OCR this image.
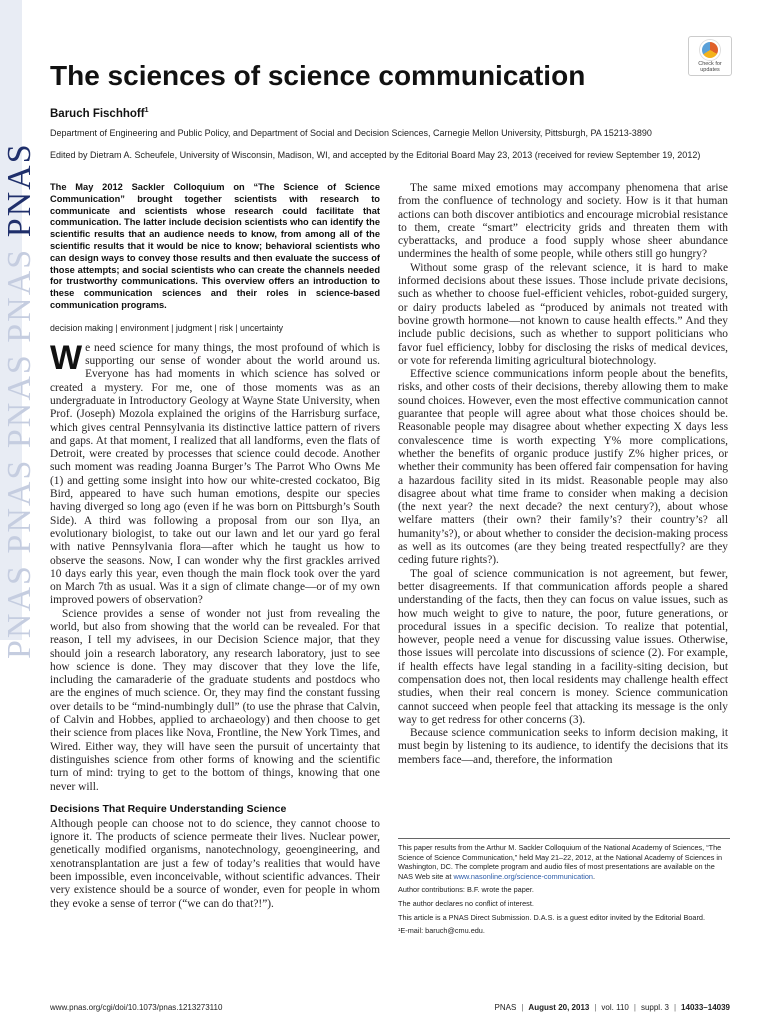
PNAS PNAS PNAS PNAS PNAS
Check for
updates
The sciences of science communication
Baruch Fischhoff$^1$
Department of Engineering and Public Policy, and Department of Social and Decision Sciences, Carnegie Mellon University, Pittsburgh, PA 15213-3890
Edited by Dietram A. Scheufele, University of Wisconsin, Madison, WI, and accepted by the Editorial Board May 23, 2013 (received for review September 19, 2012)

The May 2012 Sackler Colloquium on “The Science of Science Communication” brought together scientists with research to communicate and scientists whose research could facilitate that communication. The latter include decision scientists who can identify the scientific results that an audience needs to know, from among all of the scientific results that it would be nice to know; behavioral scientists who can design ways to convey those results and then evaluate the success of those attempts; and social scientists who can create the channels needed for trustworthy communications. This overview offers an introduction to these communication sciences and their roles in science-based communication programs.

decision making | environment | judgment | risk | uncertainty

We need science for many things, the most profound of which is supporting our sense of wonder about the world around us. Everyone has had moments in which science has solved or created a mystery. For me, one of those moments was as an undergraduate in Introductory Geology at Wayne State University, when Prof. (Joseph) Mozola explained the origins of the Harrisburg surface, which gives central Pennsylvania its distinctive lattice pattern of rivers and gaps. At that moment, I realized that all landforms, even the flats of Detroit, were created by processes that science could decode. Another such moment was reading Joanna Burger’s The Parrot Who Owns Me (1) and getting some insight into how our white-crested cockatoo, Big Bird, appeared to have such human emotions, despite our species having diverged so long ago (even if he was born on Pittsburgh’s South Side). A third was following a proposal from our son Ilya, an evolutionary biologist, to take out our lawn and let our yard go feral with native Pennsylvania flora—after which he taught us how to observe the seasons. Now, I can wonder why the first grackles arrived 10 days early this year, even though the main flock took over the yard on March 7th as usual. Was it a sign of climate change—or of my own improved powers of observation?

Science provides a sense of wonder not just from revealing the world, but also from showing that the world can be revealed. For that reason, I tell my advisees, in our Decision Science major, that they should join a research laboratory, any research laboratory, just to see how science is done. They may discover that they love the life, including the camaraderie of the graduate students and postdocs who are the engines of much science. Or, they may find the constant fussing over details to be “mind-numbingly dull” (to use the phrase that Calvin, of Calvin and Hobbes, applied to archaeology) and then choose to get their science from places like Nova, Frontline, the New York Times, and Wired. Either way, they will have seen the pursuit of uncertainty that distinguishes science from other forms of knowing and the scientific turn of mind: trying to get to the bottom of things, knowing that one never will.

Decisions That Require Understanding Science

Although people can choose not to do science, they cannot choose to ignore it. The products of science permeate their lives. Nuclear power, genetically modified organisms, nanotechnology, geoengineering, and xenotransplantation are just a few of today’s realities that would have been impossible, even inconceivable, without scientific advances. Their very existence should be a source of wonder, even for people in whom they evoke a sense of terror (“we can do that?!”).

The same mixed emotions may accompany phenomena that arise from the confluence of technology and society. How is it that human actions can both discover antibiotics and encourage microbial resistance to them, create “smart” electricity grids and threaten them with cyberattacks, and produce a food supply whose sheer abundance undermines the health of some people, while others still go hungry?

Without some grasp of the relevant science, it is hard to make informed decisions about these issues. Those include private decisions, such as whether to choose fuel-efficient vehicles, robot-guided surgery, or dairy products labeled as “produced by animals not treated with bovine growth hormone—not known to cause health effects.” And they include public decisions, such as whether to support politicians who favor fuel efficiency, lobby for disclosing the risks of medical devices, or vote for referenda limiting agricultural biotechnology.

Effective science communications inform people about the benefits, risks, and other costs of their decisions, thereby allowing them to make sound choices. However, even the most effective communication cannot guarantee that people will agree about what those choices should be. Reasonable people may disagree about whether expecting X days less convalescence time is worth expecting Y% more complications, whether the benefits of organic produce justify Z% higher prices, or whether their community has been offered fair compensation for having a hazardous facility sited in its midst. Reasonable people may also disagree about what time frame to consider when making a decision (the next year? the next decade? the next century?), about whose welfare matters (their own? their family’s? their country’s? all humanity’s?), or about whether to consider the decision-making process as well as its outcomes (are they being treated respectfully? are they ceding future rights?).

The goal of science communication is not agreement, but fewer, better disagreements. If that communication affords people a shared understanding of the facts, then they can focus on value issues, such as how much weight to give to nature, the poor, future generations, or procedural issues in a specific decision. To realize that potential, however, people need a venue for discussing value issues. Otherwise, those issues will percolate into discussions of science (2). For example, if health effects have legal standing in a facility-siting decision, but compensation does not, then local residents may challenge health effect studies, when their real concern is money. Science communication cannot succeed when people feel that attacking its message is the only way to get redress for other concerns (3).

Because science communication seeks to inform decision making, it must begin by listening to its audience, to identify the decisions that its members face—and, therefore, the information

This paper results from the Arthur M. Sackler Colloquium of the National Academy of Sciences, “The Science of Science Communication,” held May 21–22, 2012, at the National Academy of Sciences in Washington, DC. The complete program and audio files of most presentations are available on the NAS Web site at www.nasonline.org/science-communication.

Author contributions: B.F. wrote the paper.

The author declares no conflict of interest.

This article is a PNAS Direct Submission. D.A.S. is a guest editor invited by the Editorial Board.

¹E-mail: baruch@cmu.edu.

www.pnas.org/cgi/doi/10.1073/pnas.1213273110	PNAS | August 20, 2013 | vol. 110 | suppl. 3 | 14033–14039
